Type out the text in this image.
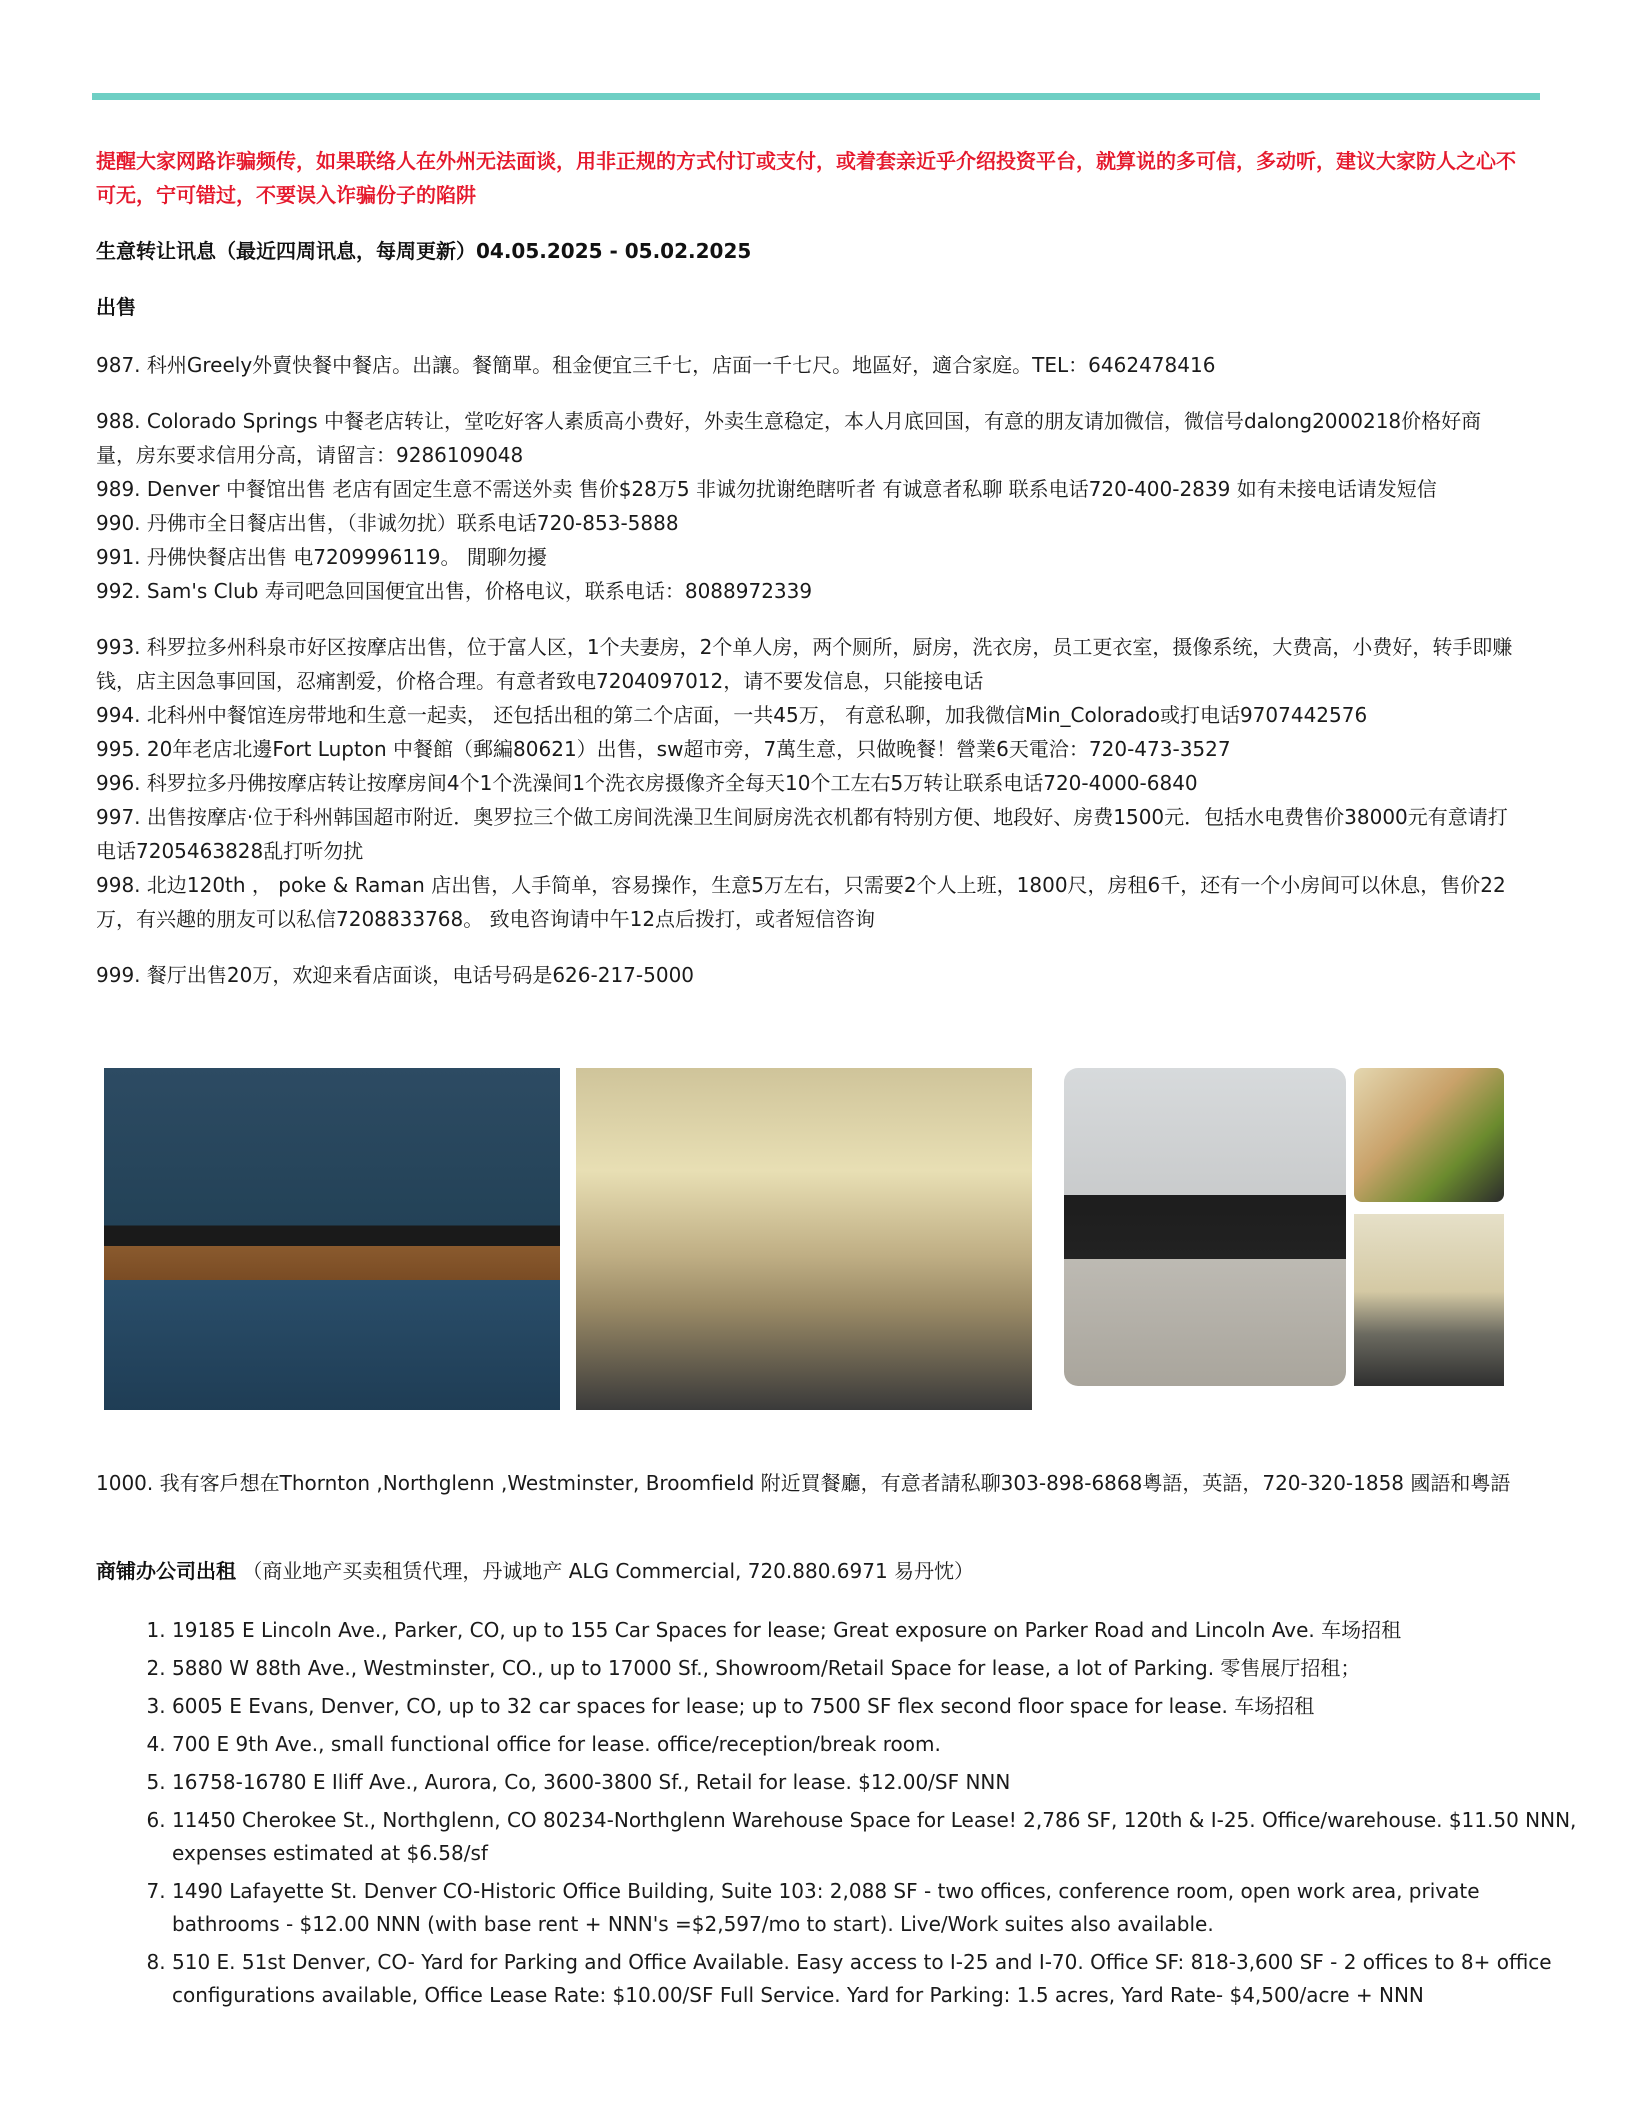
提醒大家网路诈骗频传，如果联络人在外州无法面谈，用非正规的方式付订或支付，或着套亲近乎介绍投资平台，就算说的多可信，多动听，建议大家防人之心不可无，宁可错过，不要误入诈骗份子的陷阱
生意转让讯息（最近四周讯息，每周更新）04.05.2025 - 05.02.2025
出售

987. 科州Greely外賣快餐中餐店。出讓。餐簡單。租金便宜三千七，店面一千七尺。地區好，適合家庭。TEL：6462478416

988. Colorado Springs 中餐老店转让，堂吃好客人素质高小费好，外卖生意稳定，本人月底回国，有意的朋友请加微信，微信号dalong2000218价格好商量，房东要求信用分高，请留言：9286109048

989. Denver 中餐馆出售 老店有固定生意不需送外卖 售价$28万5 非诚勿扰谢绝瞎听者 有诚意者私聊 联系电话720-400-2839 如有未接电话请发短信

990. 丹佛市全日餐店出售，（非诚勿扰）联系电话720-853-5888

991. 丹佛快餐店出售 电7209996119。 閒聊勿擾

992. Sam's Club 寿司吧急回国便宜出售，价格电议，联系电话：8088972339

993. 科罗拉多州科泉市好区按摩店出售，位于富人区，1个夫妻房，2个单人房，两个厕所，厨房，洗衣房，员工更衣室，摄像系统，大费高，小费好，转手即赚钱，店主因急事回国，忍痛割爱，价格合理。有意者致电7204097012，请不要发信息，只能接电话

994. 北科州中餐馆连房带地和生意一起卖， 还包括出租的第二个店面，一共45万， 有意私聊，加我微信Min_Colorado或打电话9707442576

995. 20年老店北邊Fort Lupton 中餐館（郵編80621）出售，sw超市旁，7萬生意，只做晚餐！營業6天電洽：720-473-3527

996. 科罗拉多丹佛按摩店转让按摩房间4个1个洗澡间1个洗衣房摄像齐全每天10个工左右5万转让联系电话720-4000-6840

997. 出售按摩店·位于科州韩国超市附近．奥罗拉三个做工房间洗澡卫生间厨房洗衣机都有特别方便、地段好、房费1500元．包括水电费售价38000元有意请打电话7205463828乱打听勿扰

998. 北边120th ， poke & Raman 店出售，人手简单，容易操作，生意5万左右，只需要2个人上班，1800尺，房租6千，还有一个小房间可以休息，售价22万，有兴趣的朋友可以私信7208833768。 致电咨询请中午12点后拨打，或者短信咨询

999. 餐厅出售20万，欢迎来看店面谈，电话号码是626-217-5000

1000. 我有客戶想在Thornton ,Northglenn ,Westminster, Broomfield 附近買餐廳，有意者請私聊303-898-6868粵語，英語，720-320-1858 國語和粵語
商铺办公司出租 （商业地产买卖租赁代理，丹诚地产 ALG Commercial, 720.880.6971 易丹忱）
1. 19185 E Lincoln Ave., Parker, CO, up to 155 Car Spaces for lease; Great exposure on Parker Road and Lincoln Ave. 车场招租
2. 5880 W 88th Ave., Westminster, CO., up to 17000 Sf., Showroom/Retail Space for lease, a lot of Parking. 零售展厅招租；
3. 6005 E Evans, Denver, CO, up to 32 car spaces for lease; up to 7500 SF flex second floor space for lease. 车场招租
4. 700 E 9th Ave., small functional office for lease. office/reception/break room.
5. 16758-16780 E Iliff Ave., Aurora, Co, 3600-3800 Sf., Retail for lease. $12.00/SF NNN
6. 11450 Cherokee St., Northglenn, CO 80234-Northglenn Warehouse Space for Lease! 2,786 SF, 120th & I-25. Office/warehouse. $11.50 NNN, expenses estimated at $6.58/sf
7. 1490 Lafayette St. Denver CO-Historic Office Building, Suite 103: 2,088 SF - two offices, conference room, open work area, private bathrooms - $12.00 NNN (with base rent + NNN's =$2,597/mo to start). Live/Work suites also available.
8. 510 E. 51st Denver, CO- Yard for Parking and Office Available. Easy access to I-25 and I-70. Office SF: 818-3,600 SF - 2 offices to 8+ office configurations available, Office Lease Rate: $10.00/SF Full Service. Yard for Parking: 1.5 acres, Yard Rate- $4,500/acre + NNN
